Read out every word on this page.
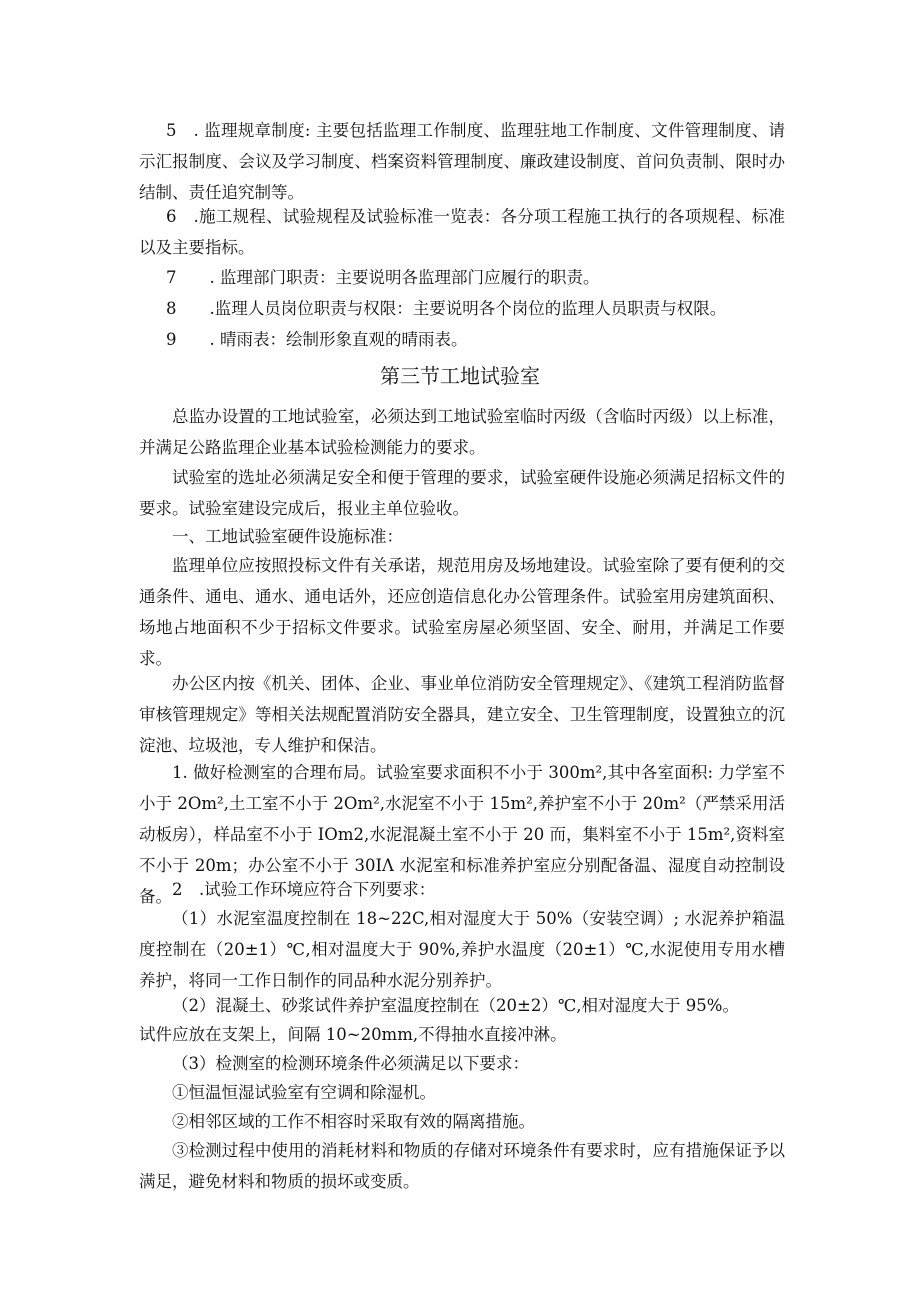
5　. 监理规章制度: 主要包括监理工作制度、监理驻地工作制度、文件管理制度、请示汇报制度、会议及学习制度、档案资料管理制度、廉政建设制度、首问负责制、限时办结制、责任追究制等。

6　.施工规程、试验规程及试验标准一览表：各分项工程施工执行的各项规程、标准以及主要指标。

7　　. 监理部门职责：主要说明各监理部门应履行的职责。

8　　.监理人员岗位职责与权限：主要说明各个岗位的监理人员职责与权限。

9　　. 晴雨表：绘制形象直观的晴雨表。

第三节工地试验室

总监办设置的工地试验室，必须达到工地试验室临时丙级（含临时丙级）以上标准，并满足公路监理企业基本试验检测能力的要求。

试验室的选址必须满足安全和便于管理的要求，试验室硬件设施必须满足招标文件的要求。试验室建设完成后，报业主单位验收。

一、工地试验室硬件设施标准：

监理单位应按照投标文件有关承诺，规范用房及场地建设。试验室除了要有便利的交通条件、通电、通水、通电话外，还应创造信息化办公管理条件。试验室用房建筑面积、场地占地面积不少于招标文件要求。试验室房屋必须坚固、安全、耐用，并满足工作要求。

办公区内按《机关、团体、企业、事业单位消防安全管理规定》、《建筑工程消防监督审核管理规定》等相关法规配置消防安全器具，建立安全、卫生管理制度，设置独立的沉淀池、垃圾池，专人维护和保洁。

1. 做好检测室的合理布局。试验室要求面积不小于 300m²,其中各室面积: 力学室不小于 2Om²,土工室不小于 2Om²,水泥室不小于 15m²,养护室不小于 20m²（严禁采用活动板房），样品室不小于 IOm2,水泥混凝土室不小于 20 而，集料室不小于 15m²,资料室不小于 20m；办公室不小于 30IΛ 水泥室和标准养护室应分别配备温、湿度自动控制设备。 2　.试验工作环境应符合下列要求：

（1）水泥室温度控制在 18~22C,相对湿度大于 50%（安装空调）; 水泥养护箱温度控制在（20±1）℃,相对温度大于 90%,养护水温度（20±1）℃,水泥使用专用水槽养护，将同一工作日制作的同品种水泥分别养护。

（2）混凝土、砂浆试件养护室温度控制在（20±2）℃,相对湿度大于 95%。

试件应放在支架上，间隔 10~20mm,不得抽水直接冲淋。

（3）检测室的检测环境条件必须满足以下要求：

①恒温恒湿试验室有空调和除湿机。

②相邻区域的工作不相容时采取有效的隔离措施。

③检测过程中使用的消耗材料和物质的存储对环境条件有要求时，应有措施保证予以满足，避免材料和物质的损坏或变质。
